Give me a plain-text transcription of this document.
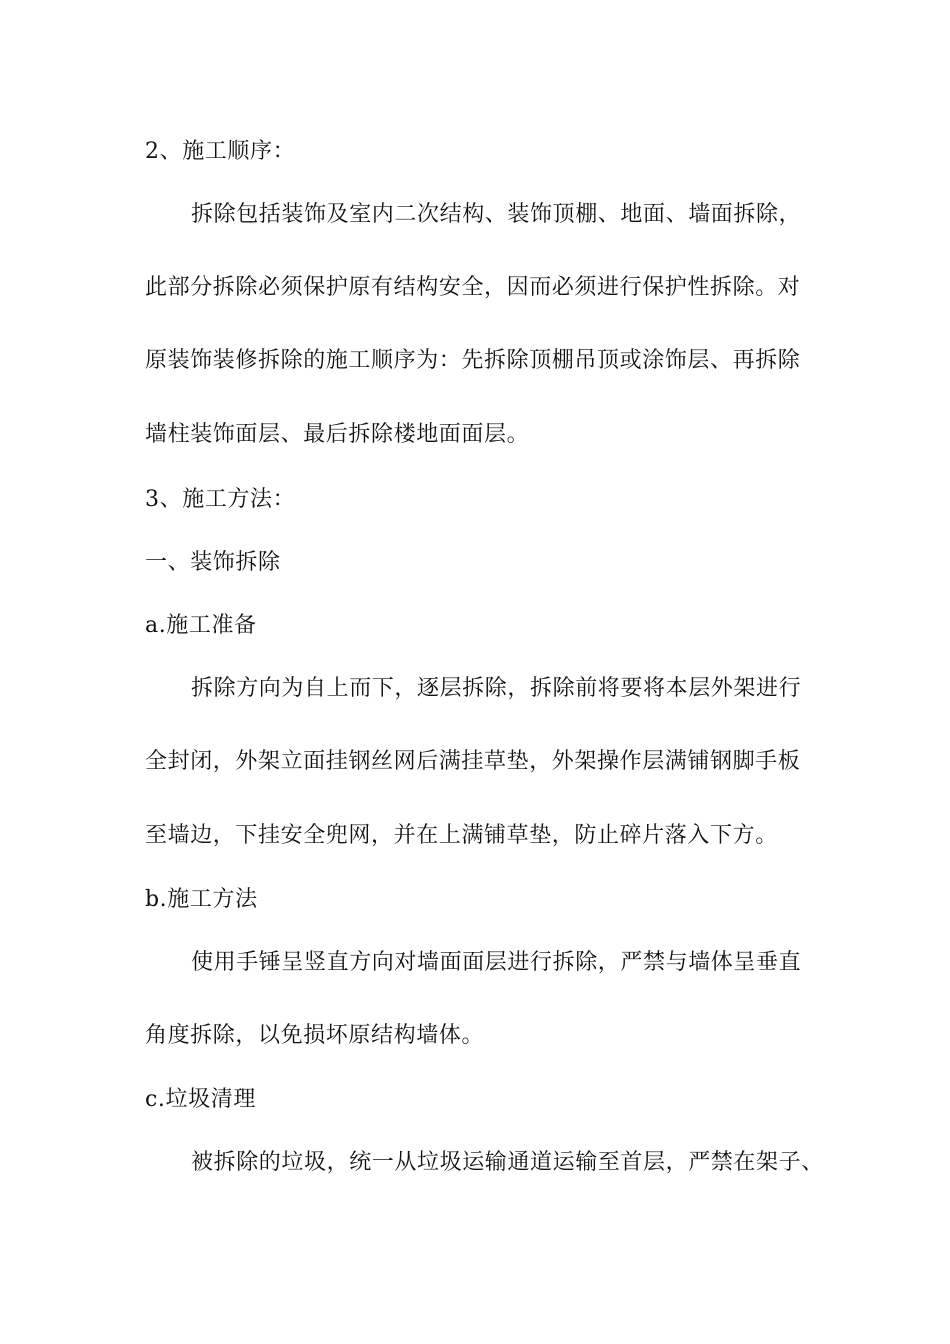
2、施工顺序：
拆除包括装饰及室内二次结构、装饰顶棚、地面、墙面拆除，
此部分拆除必须保护原有结构安全，因而必须进行保护性拆除。对
原装饰装修拆除的施工顺序为：先拆除顶棚吊顶或涂饰层、再拆除
墙柱装饰面层、最后拆除楼地面面层。
3、施工方法：
一、装饰拆除
a.施工准备
拆除方向为自上而下，逐层拆除，拆除前将要将本层外架进行
全封闭，外架立面挂钢丝网后满挂草垫，外架操作层满铺钢脚手板
至墙边，下挂安全兜网，并在上满铺草垫，防止碎片落入下方。
b.施工方法
使用手锤呈竖直方向对墙面面层进行拆除，严禁与墙体呈垂直
角度拆除，以免损坏原结构墙体。
c.垃圾清理
被拆除的垃圾，统一从垃圾运输通道运输至首层，严禁在架子、
